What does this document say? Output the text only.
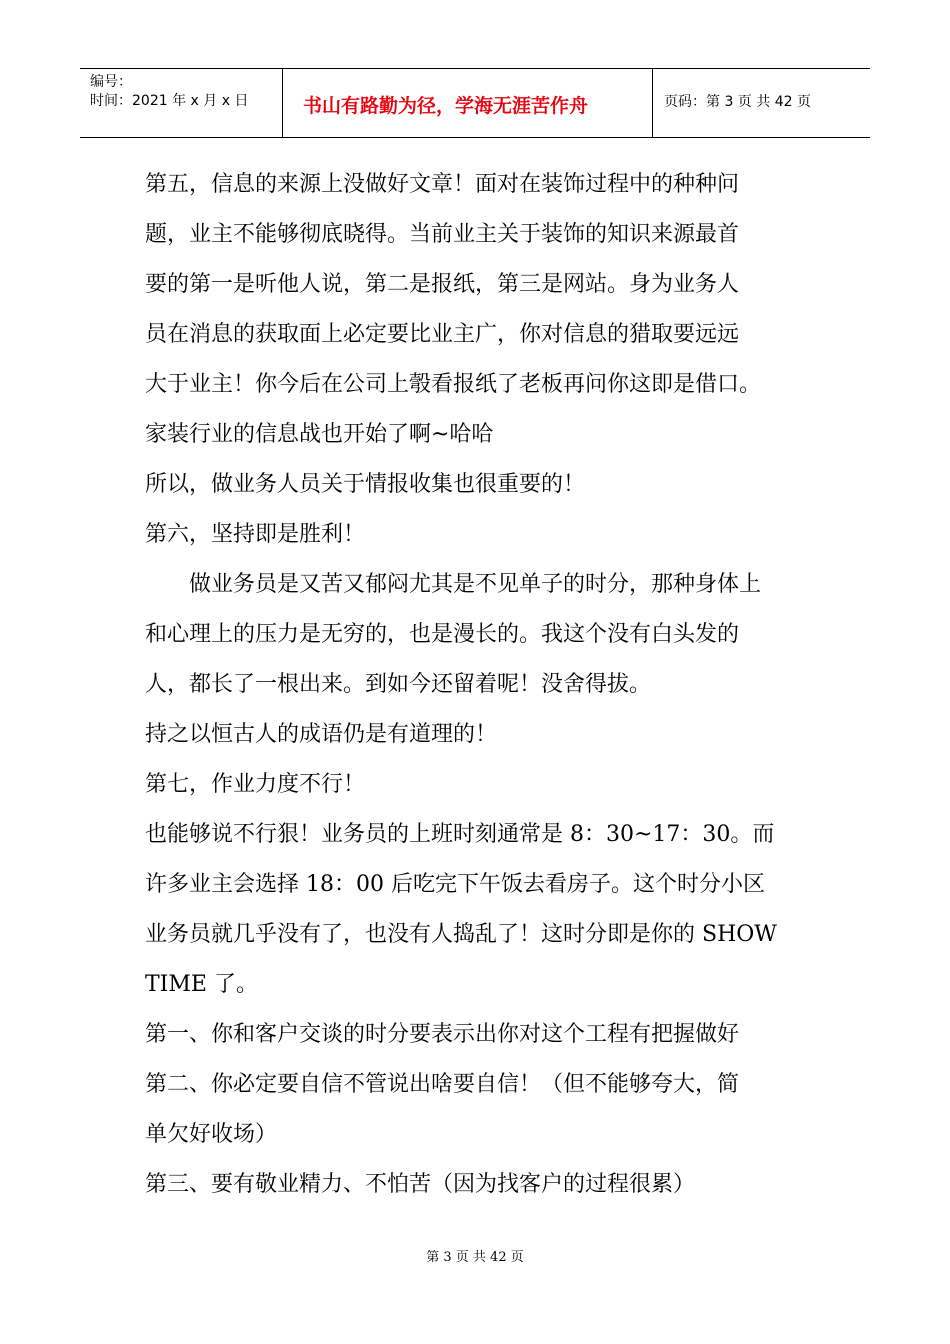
编号：
时间：2021 年 x 月 x 日	书山有路勤为径，学海无涯苦作舟	页码：第 3 页 共 42 页
第五，信息的来源上没做好文章！面对在装饰过程中的种种问
题，业主不能够彻底晓得。当前业主关于装饰的知识来源最首
要的第一是听他人说，第二是报纸，第三是网站。身为业务人
员在消息的获取面上必定要比业主广，你对信息的猎取要远远
大于业主！你今后在公司上彀看报纸了老板再问你这即是借口。
家装行业的信息战也开始了啊~哈哈
所以，做业务人员关于情报收集也很重要的！
第六，坚持即是胜利！
　　做业务员是又苦又郁闷尤其是不见单子的时分，那种身体上
和心理上的压力是无穷的，也是漫长的。我这个没有白头发的
人，都长了一根出来。到如今还留着呢！没舍得拔。
持之以恒古人的成语仍是有道理的！
第七，作业力度不行！
也能够说不行狠！业务员的上班时刻通常是 8：30~17：30。而
许多业主会选择 18：00 后吃完下午饭去看房子。这个时分小区
业务员就几乎没有了，也没有人捣乱了！这时分即是你的 SHOW
TIME 了。
第一、你和客户交谈的时分要表示出你对这个工程有把握做好
第二、你必定要自信不管说出啥要自信！（但不能够夸大，简
单欠好收场）
第三、要有敬业精力、不怕苦（因为找客户的过程很累）
第 3 页 共 42 页
